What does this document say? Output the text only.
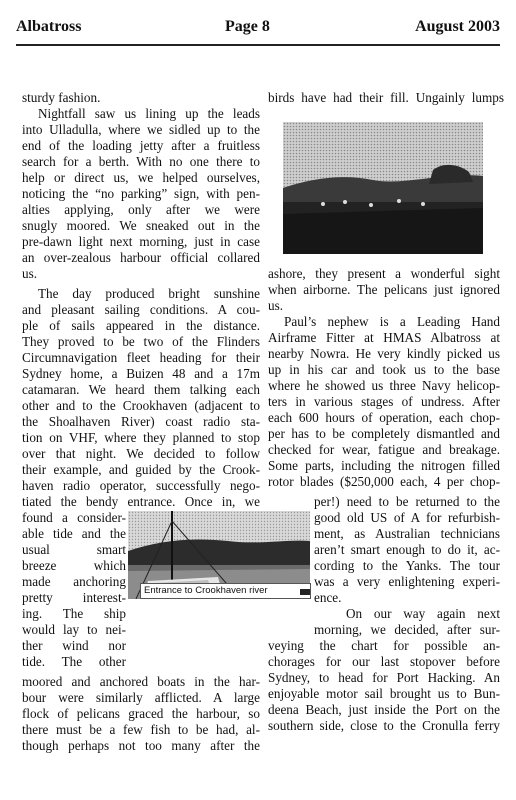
Albatross	Page 8	August 2003
Entrance to Crookhaven river
sturdy fashion.
Nightfall saw us lining up the leads
into Ulladulla, where we sidled up to the
end of the loading jetty after a fruitless
search for a berth. With no one there to
help or direct us, we helped ourselves,
noticing the “no parking” sign, with pen-
alties applying, only after we were
snugly moored. We sneaked out in the
pre-dawn light next morning, just in case
an over-zealous harbour official collared
us.
The day produced bright sunshine
and pleasant sailing conditions. A cou-
ple of sails appeared in the distance.
They proved to be two of the Flinders
Circumnavigation fleet heading for their
Sydney home, a Buizen 48 and a 17m
catamaran. We heard them talking each
other and to the Crookhaven (adjacent to
the Shoalhaven River) coast radio sta-
tion on VHF, where they planned to stop
over that night. We decided to follow
their example, and guided by the Crook-
haven radio operator, successfully nego-
tiated the bendy entrance. Once in, we
found a consider-
able tide and the
usual smart
breeze which
made anchoring
pretty interest-
ing. The ship
would lay to nei-
ther wind nor
tide. The other
moored and anchored boats in the har-
bour were similarly afflicted. A large
flock of pelicans graced the harbour, so
there must be a few fish to be had, al-
though perhaps not too many after the
birds have had their fill. Ungainly lumps
ashore, they present a wonderful sight
when airborne. The pelicans just ignored
us.
Paul’s nephew is a Leading Hand
Airframe Fitter at HMAS Albatross at
nearby Nowra. He very kindly picked us
up in his car and took us to the base
where he showed us three Navy helicop-
ters in various stages of undress. After
each 600 hours of operation, each chop-
per has to be completely dismantled and
checked for wear, fatigue and breakage.
Some parts, including the nitrogen filled
rotor blades ($250,000 each, 4 per chop-
per!) need to be returned to the
good old US of A for refurbish-
ment, as Australian technicians
aren’t smart enough to do it, ac-
cording to the Yanks. The tour
was a very enlightening experi-
ence.
On our way again next
morning, we decided, after sur-
veying the chart for possible an-
chorages for our last stopover before
Sydney, to head for Port Hacking. An
enjoyable motor sail brought us to Bun-
deena Beach, just inside the Port on the
southern side, close to the Cronulla ferry
